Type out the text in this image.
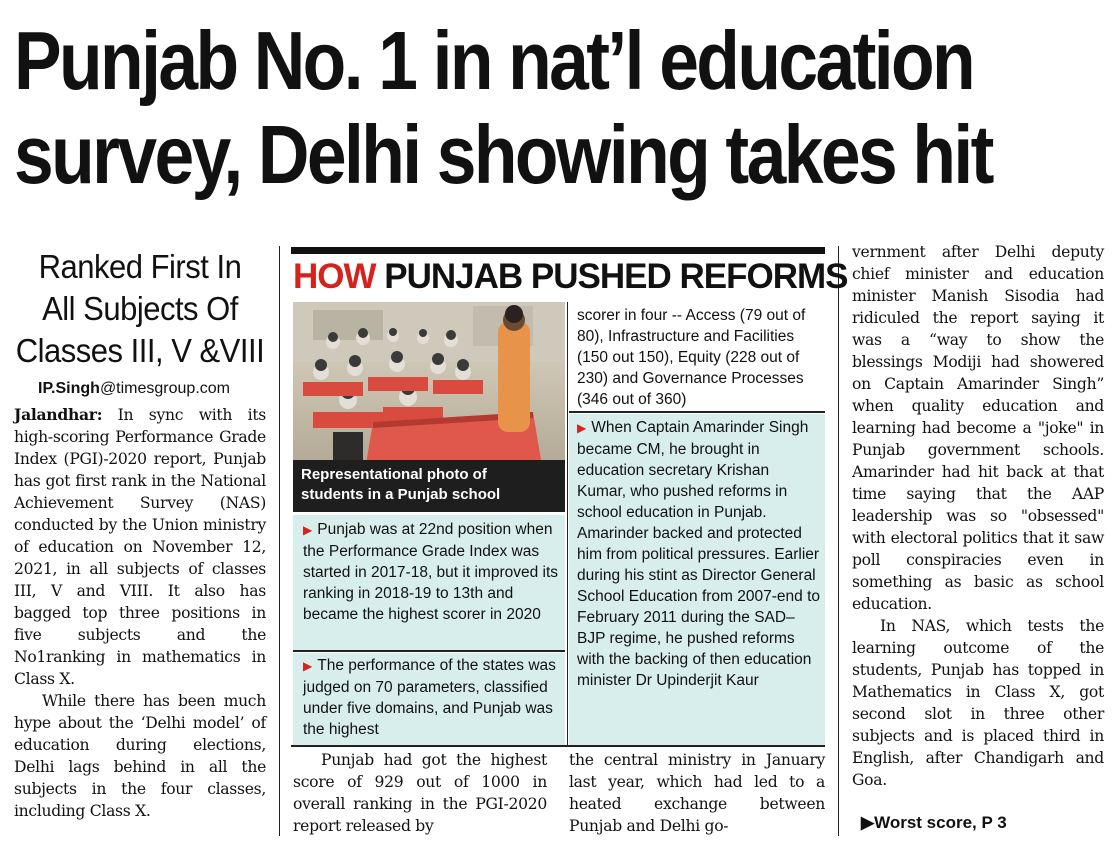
Punjab No. 1 in nat’l education
survey, Delhi showing takes hit
Ranked First In
All Subjects Of
Classes III, V &VIII
IP.Singh@timesgroup.com

Jalandhar: In sync with its high-scoring Performance Grade Index (PGI)-2020 report, Punjab has got first rank in the National Achievement Survey (NAS) conducted by the Union ministry of education on November 12, 2021, in all subjects of classes III, V and VIII. It also has bagged top three positions in five subjects and the No1ranking in mathematics in Class X.

While there has been much hype about the ‘Delhi model’ of education during elections, Delhi lags behind in all the subjects in the four classes, including Class X.

HOW PUNJAB PUSHED REFORMS
Representational photo of
students in a Punjab school
▶ Punjab was at 22nd position when the Performance Grade Index was started in 2017-18, but it improved its ranking in 2018-19 to 13th and became the highest scorer in 2020
▶ The performance of the states was judged on 70 parameters, classified under five domains, and Punjab was the highest
scorer in four -- Access (79 out of 80), Infrastructure and Facilities (150 out 150), Equity (228 out of 230) and Governance Processes (346 out of 360)
▶ When Captain Amarinder Singh became CM, he brought in education secretary Krishan Kumar, who pushed reforms in school education in Punjab. Amarinder backed and protected him from political pressures. Earlier during his stint as Director General School Education from 2007-end to February 2011 during the SAD– BJP regime, he pushed reforms with the backing of then education minister Dr Upinderjit Kaur

Punjab had got the highest score of 929 out of 1000 in overall ranking in the PGI-2020 report released by

the central ministry in January last year, which had led to a heated exchange between Punjab and Delhi go-

vernment after Delhi deputy chief minister and education minister Manish Sisodia had ridiculed the report saying it was a “way to show the blessings Modiji had showered on Captain Amarinder Singh” when quality education and learning had become a "joke" in Punjab government schools. Amarinder had hit back at that time saying that the AAP leadership was so "obsessed" with electoral politics that it saw poll conspiracies even in something as basic as school education.

In NAS, which tests the learning outcome of the students, Punjab has topped in Mathematics in Class X, got second slot in three other subjects and is placed third in English, after Chandigarh and Goa.

▶Worst score, P 3
